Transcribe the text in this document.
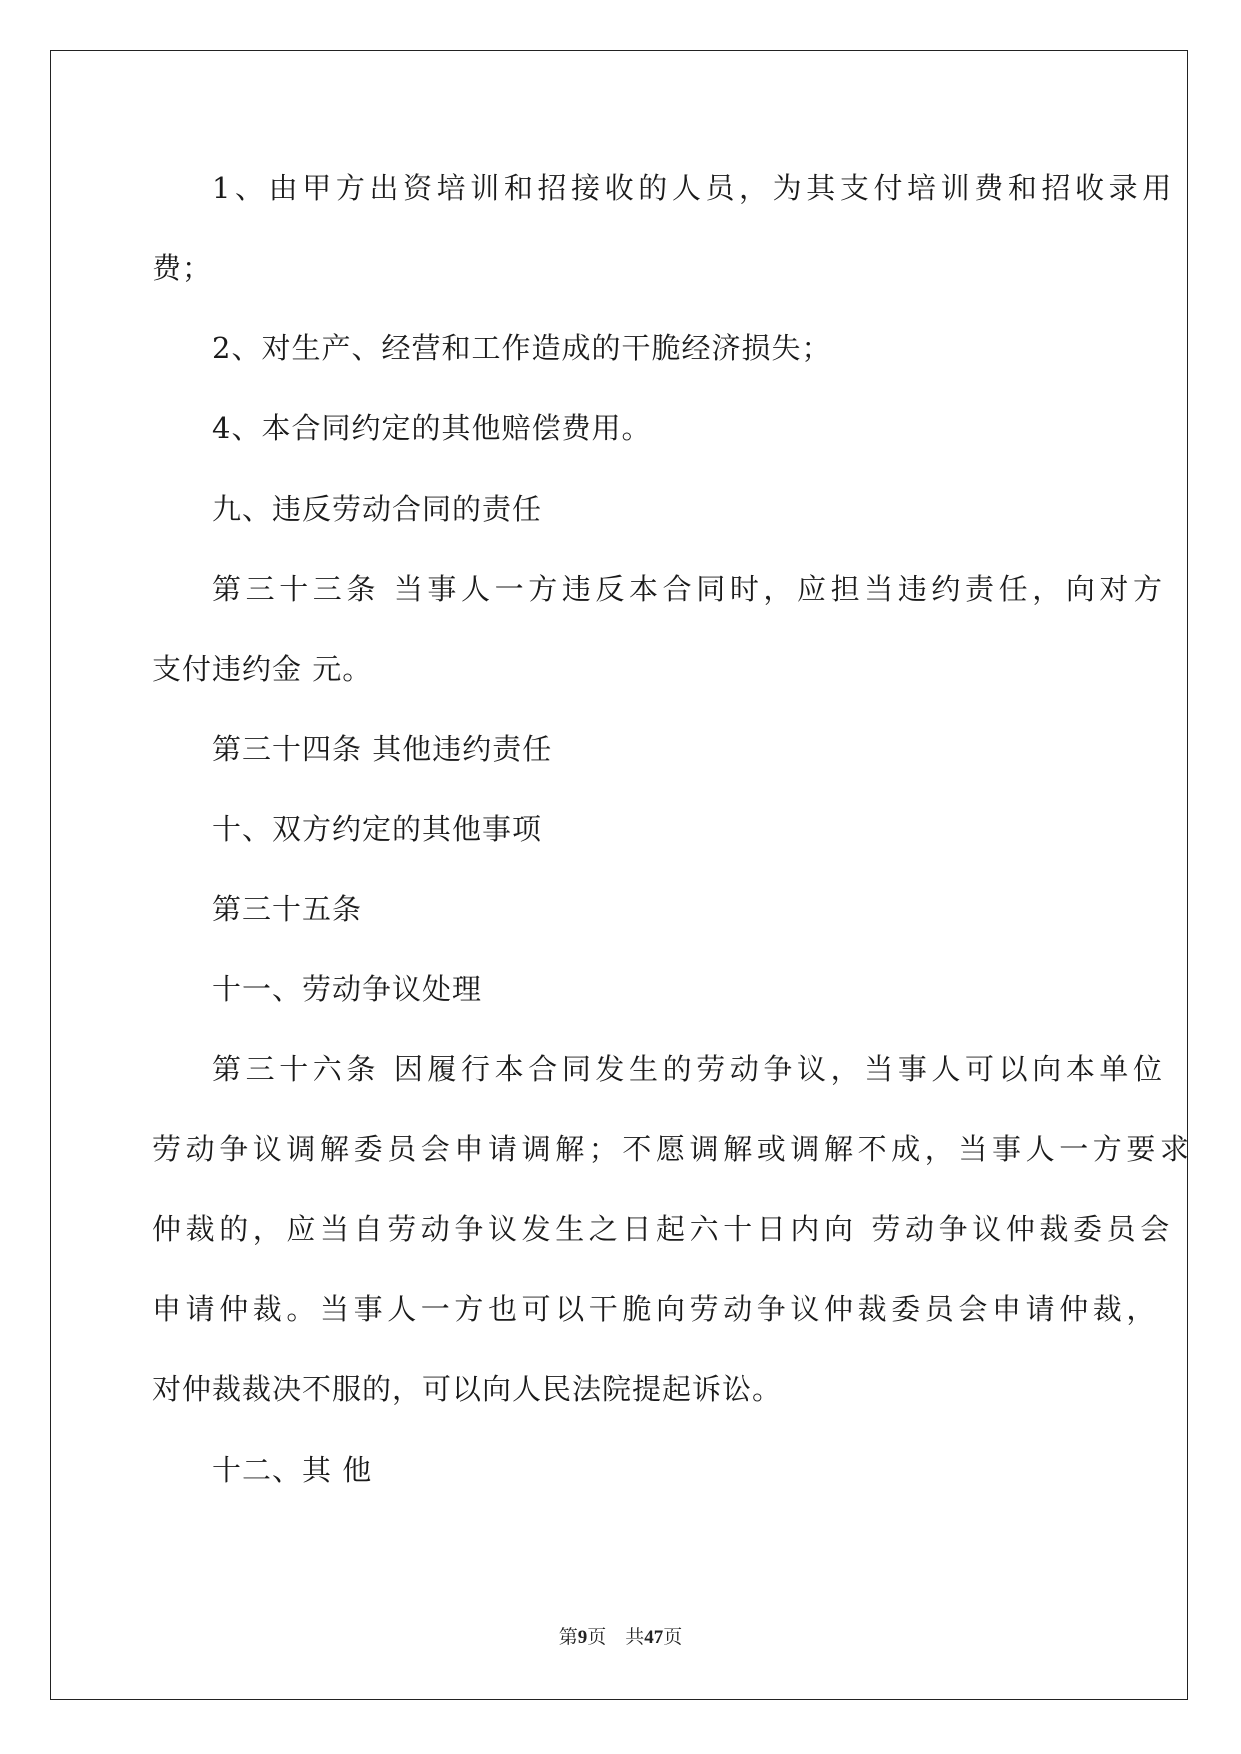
1、由甲方出资培训和招接收的人员，为其支付培训费和招收录用
费；
2、对生产、经营和工作造成的干脆经济损失；
4、本合同约定的其他赔偿费用。
九、违反劳动合同的责任
第三十三条 当事人一方违反本合同时，应担当违约责任，向对方
支付违约金 元。
第三十四条 其他违约责任
十、双方约定的其他事项
第三十五条
十一、劳动争议处理
第三十六条 因履行本合同发生的劳动争议，当事人可以向本单位
劳动争议调解委员会申请调解；不愿调解或调解不成，当事人一方要求
仲裁的，应当自劳动争议发生之日起六十日内向 劳动争议仲裁委员会
申请仲裁。当事人一方也可以干脆向劳动争议仲裁委员会申请仲裁，
对仲裁裁决不服的，可以向人民法院提起诉讼。
十二、其 他
第9页　共47页
